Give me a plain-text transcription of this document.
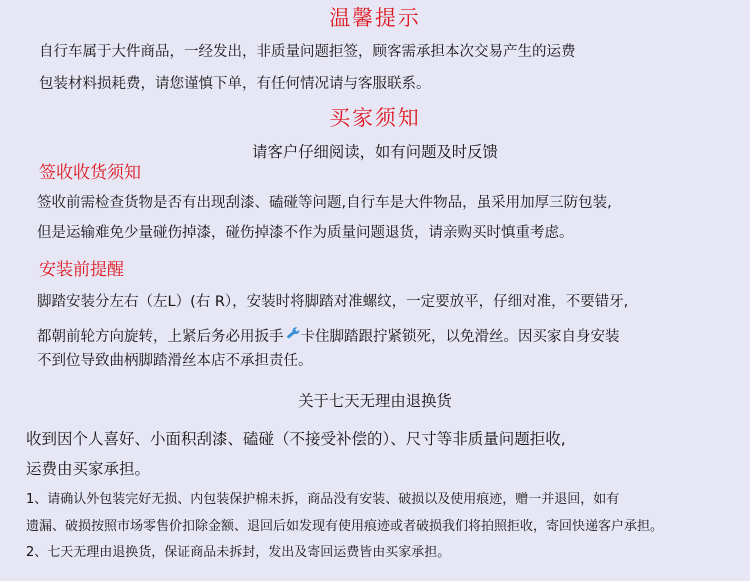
温馨提示
自行车属于大件商品，一经发出，非质量问题拒签，顾客需承担本次交易产生的运费
包装材料损耗费，请您谨慎下单，有任何情况请与客服联系。
买家须知
请客户仔细阅读，如有问题及时反馈
签收收货须知
签收前需检查货物是否有出现刮漆、磕碰等问题,自行车是大件物品，虽采用加厚三防包装,
但是运输难免少量碰伤掉漆，碰伤掉漆不作为质量问题退货，请亲购买时慎重考虑。
安装前提醒
脚踏安装分左右（左L）(右 R），安装时将脚踏对准螺纹，一定要放平，仔细对准，不要错牙,
都朝前轮方向旋转，上紧后务必用扳手 卡住脚踏跟拧紧锁死，以免滑丝。因买家自身安装
不到位导致曲柄脚踏滑丝本店不承担责任。
关于七天无理由退换货
收到因个人喜好、小面积刮漆、磕碰（不接受补偿的）、尺寸等非质量问题拒收,
运费由买家承担。
1、请确认外包装完好无损、内包装保护棉未拆，商品没有安装、破损以及使用痕迹，赠一并退回，如有
遗漏、破损按照市场零售价扣除金额、退回后如发现有使用痕迹或者破损我们将拍照拒收，寄回快递客户承担。
2、七天无理由退换货，保证商品未拆封，发出及寄回运费皆由买家承担。
